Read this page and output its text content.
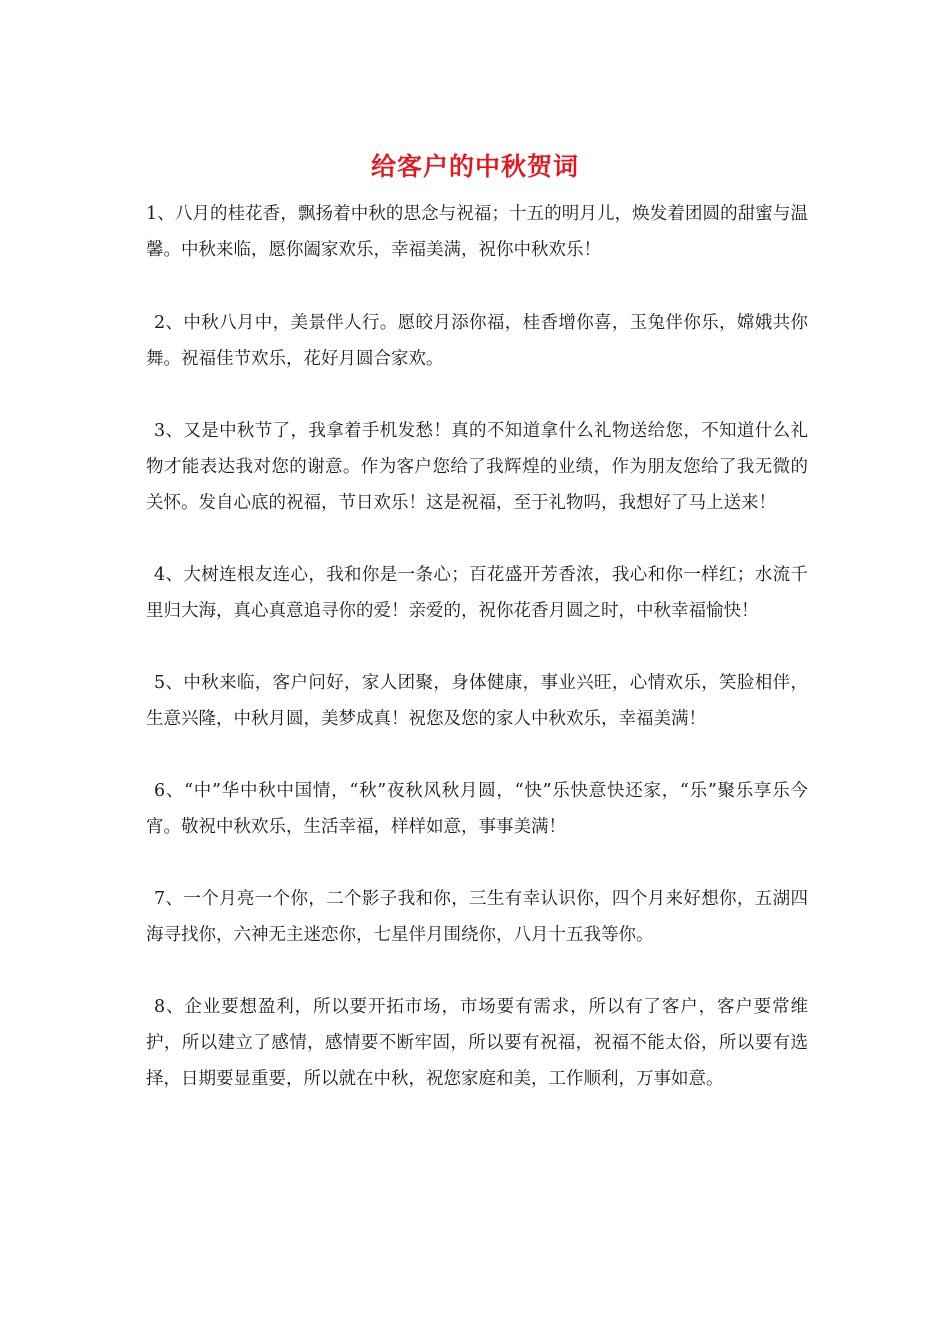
给客户的中秋贺词

1、八月的桂花香，飘扬着中秋的思念与祝福；十五的明月儿，焕发着团圆的甜蜜与温馨。中秋来临，愿你阖家欢乐，幸福美满，祝你中秋欢乐！

2、中秋八月中，美景伴人行。愿皎月添你福，桂香增你喜，玉兔伴你乐，嫦娥共你舞。祝福佳节欢乐，花好月圆合家欢。

3、又是中秋节了，我拿着手机发愁！真的不知道拿什么礼物送给您，不知道什么礼物才能表达我对您的谢意。作为客户您给了我辉煌的业绩，作为朋友您给了我无微的关怀。发自心底的祝福，节日欢乐！这是祝福，至于礼物吗，我想好了马上送来！

4、大树连根友连心，我和你是一条心；百花盛开芳香浓，我心和你一样红；水流千里归大海，真心真意追寻你的爱！亲爱的，祝你花香月圆之时，中秋幸福愉快！

5、中秋来临，客户问好，家人团聚，身体健康，事业兴旺，心情欢乐，笑脸相伴，生意兴隆，中秋月圆，美梦成真！祝您及您的家人中秋欢乐，幸福美满！

6、“中”华中秋中国情，“秋”夜秋风秋月圆，“快”乐快意快还家，“乐”聚乐享乐今宵。敬祝中秋欢乐，生活幸福，样样如意，事事美满！

7、一个月亮一个你，二个影子我和你，三生有幸认识你，四个月来好想你，五湖四海寻找你，六神无主迷恋你，七星伴月围绕你，八月十五我等你。

8、企业要想盈利，所以要开拓市场，市场要有需求，所以有了客户，客户要常维护，所以建立了感情，感情要不断牢固，所以要有祝福，祝福不能太俗，所以要有选择，日期要显重要，所以就在中秋，祝您家庭和美，工作顺利，万事如意。
